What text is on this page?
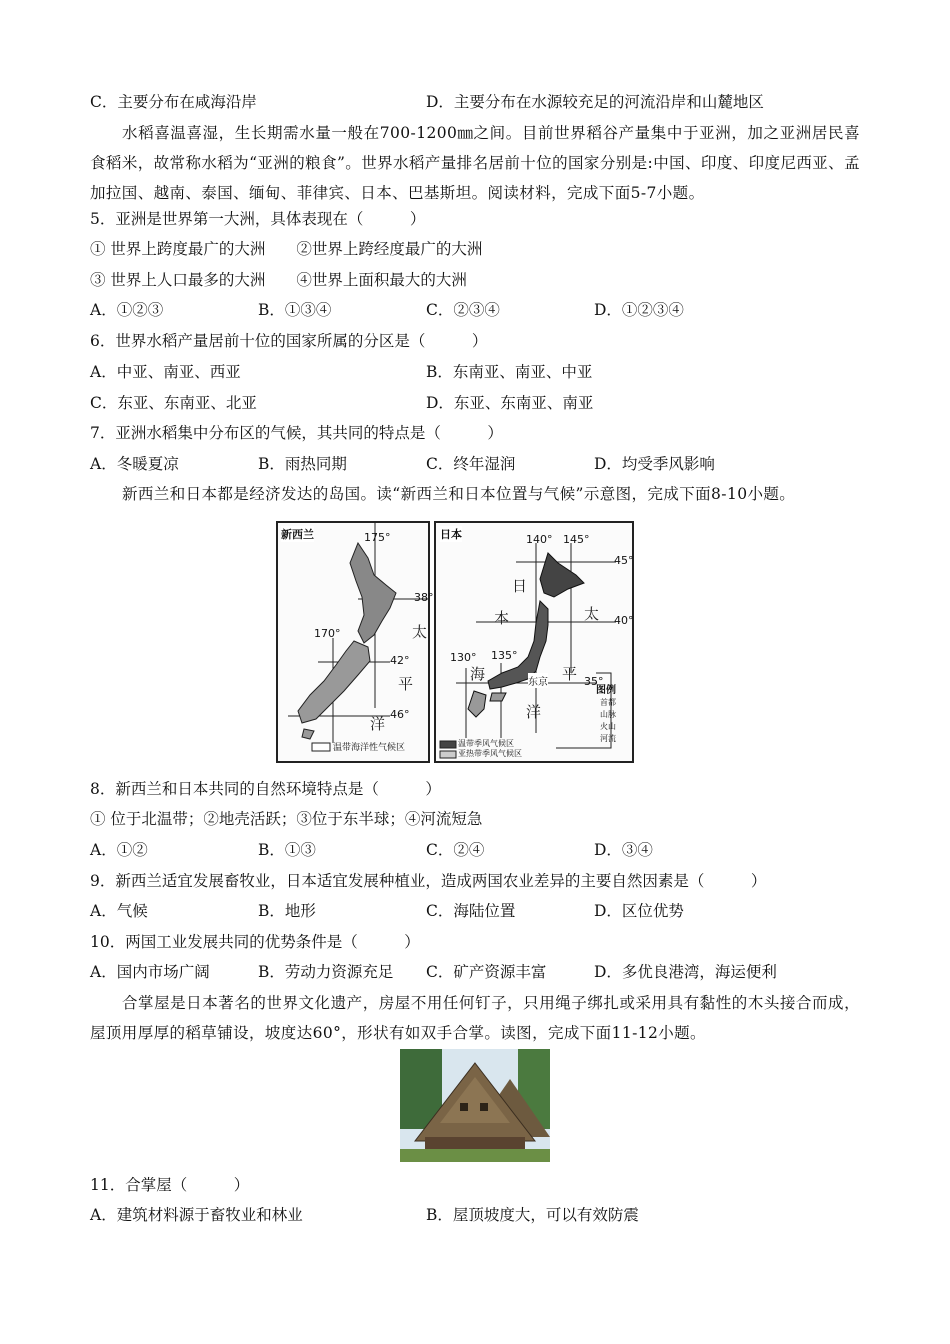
C．主要分布在咸海沿岸	D．主要分布在水源较充足的河流沿岸和山麓地区
水稻喜温喜湿，生长期需水量一般在700-1200㎜之间。目前世界稻谷产量集中于亚洲，加之亚洲居民喜食稻米，故常称水稻为“亚洲的粮食”。世界水稻产量排名居前十位的国家分别是:中国、印度、印度尼西亚、孟加拉国、越南、泰国、缅甸、菲律宾、日本、巴基斯坦。阅读材料，完成下面5-7小题。
5．亚洲是世界第一大洲，具体表现在（　　　）
① 世界上跨度最广的大洲　　②世界上跨经度最广的大洲
③ 世界上人口最多的大洲　　④世界上面积最大的大洲
A．①②③	B．①③④	C．②③④	D．①②③④
6．世界水稻产量居前十位的国家所属的分区是（　　　）
A．中亚、南亚、西亚	B．东南亚、南亚、中亚
C．东亚、东南亚、北亚	D．东亚、东南亚、南亚
7．亚洲水稻集中分布区的气候，其共同的特点是（　　　）
A．冬暖夏凉	B．雨热同期	C．终年湿润	D．均受季风影响
新西兰和日本都是经济发达的岛国。读“新西兰和日本位置与气候”示意图，完成下面8-10小题。
新西兰	175°
170°
38°
42°
46°
太
平
洋
温带海洋性气候区
日本	140° 145°
130° 135°
45°
40°
35°
日
本
海
太
平
洋
东京
温带季风气候区
亚热带季风气候区
图例
首都
山脉
火山
河流
8．新西兰和日本共同的自然环境特点是（　　　）
① 位于北温带；②地壳活跃；③位于东半球；④河流短急
A．①②	B．①③	C．②④	D．③④
9．新西兰适宜发展畜牧业，日本适宜发展种植业，造成两国农业差异的主要自然因素是（　　　）
A．气候	B．地形	C．海陆位置	D．区位优势
10．两国工业发展共同的优势条件是（　　　）
A．国内市场广阔	B．劳动力资源充足 C．矿产资源丰富	D．多优良港湾，海运便利
合掌屋是日本著名的世界文化遗产，房屋不用任何钉子，只用绳子绑扎或采用具有黏性的木头接合而成，屋顶用厚厚的稻草铺设，坡度达60°，形状有如双手合掌。读图，完成下面11-12小题。
11．合掌屋（　　　）
A．建筑材料源于畜牧业和林业	B．屋顶坡度大，可以有效防震
